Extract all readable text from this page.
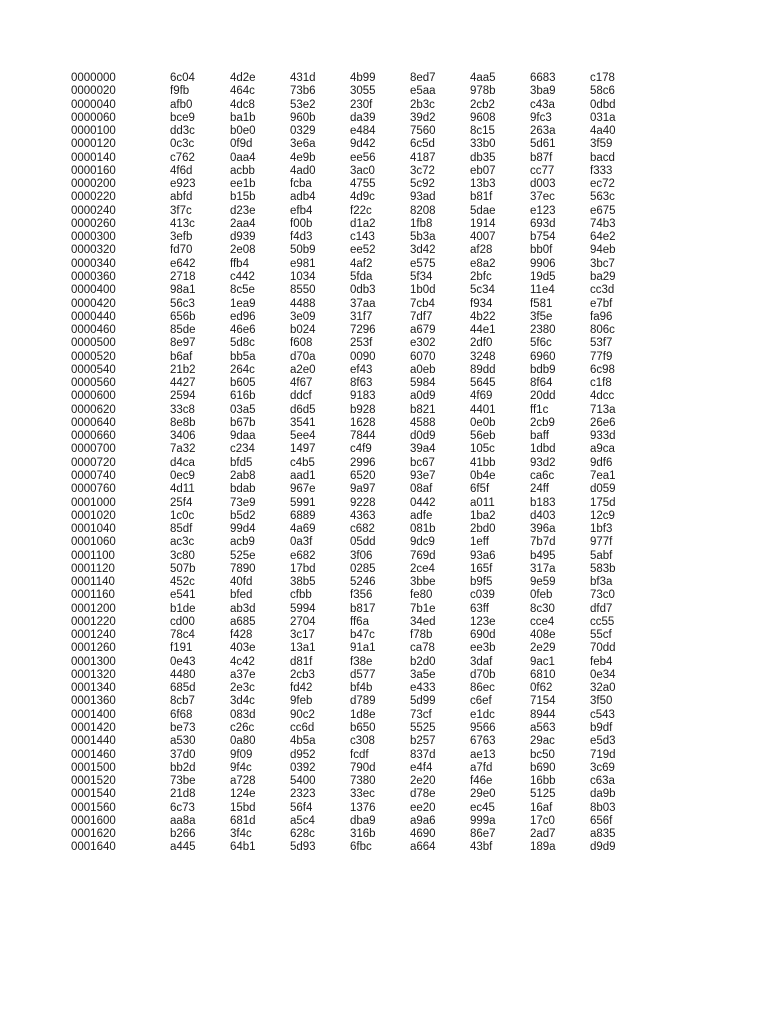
0000000	6c04	4d2e	431d	4b99	8ed7	4aa5	6683	c178
0000020	f9fb	464c	73b6	3055	e5aa	978b	3ba9	58c6
0000040	afb0	4dc8	53e2	230f	2b3c	2cb2	c43a	0dbd
0000060	bce9	ba1b	960b	da39	39d2	9608	9fc3	031a
0000100	dd3c	b0e0	0329	e484	7560	8c15	263a	4a40
0000120	0c3c	0f9d	3e6a	9d42	6c5d	33b0	5d61	3f59
0000140	c762	0aa4	4e9b	ee56	4187	db35	b87f	bacd
0000160	4f6d	acbb	4ad0	3ac0	3c72	eb07	cc77	f333
0000200	e923	ee1b	fcba	4755	5c92	13b3	d003	ec72
0000220	abfd	b15b	adb4	4d9c	93ad	b81f	37ec	563c
0000240	3f7c	d23e	efb4	f22c	8208	5dae	e123	e675
0000260	413c	2aa4	f00b	d1a2	1fb8	1914	693d	74b3
0000300	3efb	d939	f4d3	c143	5b3a	4007	b754	64e2
0000320	fd70	2e08	50b9	ee52	3d42	af28	bb0f	94eb
0000340	e642	ffb4	e981	4af2	e575	e8a2	9906	3bc7
0000360	2718	c442	1034	5fda	5f34	2bfc	19d5	ba29
0000400	98a1	8c5e	8550	0db3	1b0d	5c34	11e4	cc3d
0000420	56c3	1ea9	4488	37aa	7cb4	f934	f581	e7bf
0000440	656b	ed96	3e09	31f7	7df7	4b22	3f5e	fa96
0000460	85de	46e6	b024	7296	a679	44e1	2380	806c
0000500	8e97	5d8c	f608	253f	e302	2df0	5f6c	53f7
0000520	b6af	bb5a	d70a	0090	6070	3248	6960	77f9
0000540	21b2	264c	a2e0	ef43	a0eb	89dd	bdb9	6c98
0000560	4427	b605	4f67	8f63	5984	5645	8f64	c1f8
0000600	2594	616b	ddcf	9183	a0d9	4f69	20dd	4dcc
0000620	33c8	03a5	d6d5	b928	b821	4401	ff1c	713a
0000640	8e8b	b67b	3541	1628	4588	0e0b	2cb9	26e6
0000660	3406	9daa	5ee4	7844	d0d9	56eb	baff	933d
0000700	7a32	c234	1497	c4f9	39a4	105c	1dbd	a9ca
0000720	d4ca	bfd5	c4b5	2996	bc67	41bb	93d2	9df6
0000740	0ec9	2ab8	aad1	6520	93e7	0b4e	ca6c	7ea1
0000760	4d11	bdab	967e	9a97	08af	6f5f	24ff	d059
0001000	25f4	73e9	5991	9228	0442	a011	b183	175d
0001020	1c0c	b5d2	6889	4363	adfe	1ba2	d403	12c9
0001040	85df	99d4	4a69	c682	081b	2bd0	396a	1bf3
0001060	ac3c	acb9	0a3f	05dd	9dc9	1eff	7b7d	977f
0001100	3c80	525e	e682	3f06	769d	93a6	b495	5abf
0001120	507b	7890	17bd	0285	2ce4	165f	317a	583b
0001140	452c	40fd	38b5	5246	3bbe	b9f5	9e59	bf3a
0001160	e541	bfed	cfbb	f356	fe80	c039	0feb	73c0
0001200	b1de	ab3d	5994	b817	7b1e	63ff	8c30	dfd7
0001220	cd00	a685	2704	ff6a	34ed	123e	cce4	cc55
0001240	78c4	f428	3c17	b47c	f78b	690d	408e	55cf
0001260	f191	403e	13a1	91a1	ca78	ee3b	2e29	70dd
0001300	0e43	4c42	d81f	f38e	b2d0	3daf	9ac1	feb4
0001320	4480	a37e	2cb3	d577	3a5e	d70b	6810	0e34
0001340	685d	2e3c	fd42	bf4b	e433	86ec	0f62	32a0
0001360	8cb7	3d4c	9feb	d789	5d99	c6ef	7154	3f50
0001400	6f68	083d	90c2	1d8e	73cf	e1dc	8944	c543
0001420	be73	c26c	cc6d	b650	5525	9566	a563	b9df
0001440	a530	0a80	4b5a	c308	b257	6763	29ac	e5d3
0001460	37d0	9f09	d952	fcdf	837d	ae13	bc50	719d
0001500	bb2d	9f4c	0392	790d	e4f4	a7fd	b690	3c69
0001520	73be	a728	5400	7380	2e20	f46e	16bb	c63a
0001540	21d8	124e	2323	33ec	d78e	29e0	5125	da9b
0001560	6c73	15bd	56f4	1376	ee20	ec45	16af	8b03
0001600	aa8a	681d	a5c4	dba9	a9a6	999a	17c0	656f
0001620	b266	3f4c	628c	316b	4690	86e7	2ad7	a835
0001640	a445	64b1	5d93	6fbc	a664	43bf	189a	d9d9
